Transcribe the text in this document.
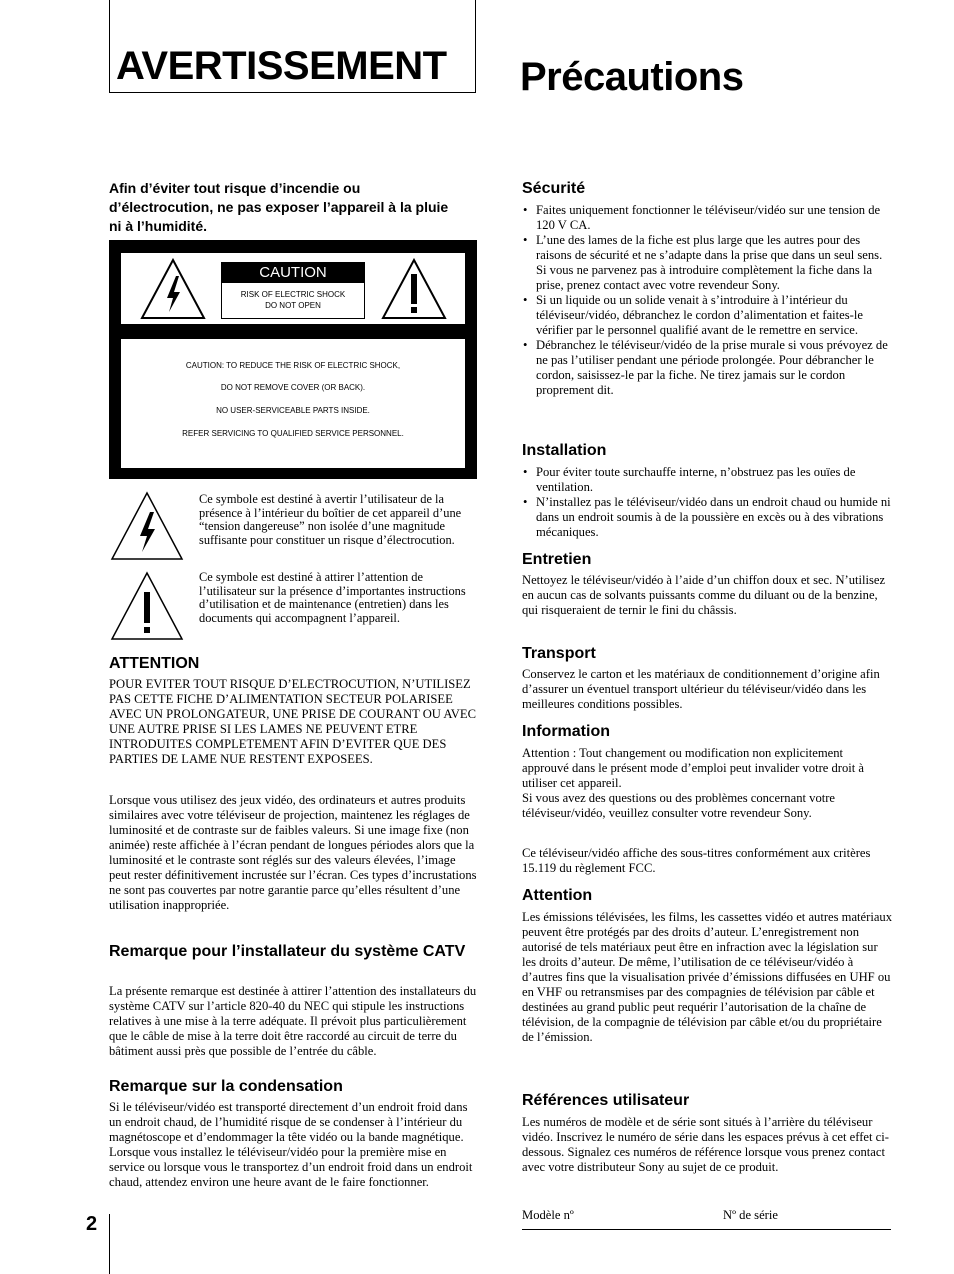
AVERTISSEMENT Précautions
Afin d’éviter tout risque d’incendie ou d’électrocution, ne pas exposer l’appareil à la pluie ni à l’humidité.
CAUTION
RISK OF ELECTRIC SHOCK
DO NOT OPEN
CAUTION: TO REDUCE THE RISK OF ELECTRIC SHOCK,
DO NOT REMOVE COVER (OR BACK).
NO USER-SERVICEABLE PARTS INSIDE.
REFER SERVICING TO QUALIFIED SERVICE PERSONNEL.
Ce symbole est destiné à avertir l’utilisateur de la présence à l’intérieur du boîtier de cet appareil d’une “tension dangereuse” non isolée d’une magnitude suffisante pour constituer un risque d’électrocution.
Ce symbole est destiné à attirer l’attention de l’utilisateur sur la présence d’importantes instructions d’utilisation et de maintenance (entretien) dans les documents qui accompagnent l’appareil.
ATTENTION

POUR EVITER TOUT RISQUE D’ELECTROCUTION, N’UTILISEZ PAS CETTE FICHE D’ALIMENTATION SECTEUR POLARISEE AVEC UN PROLONGATEUR, UNE PRISE DE COURANT OU AVEC UNE AUTRE PRISE SI LES LAMES NE PEUVENT ETRE INTRODUITES COMPLETEMENT AFIN D’EVITER QUE DES PARTIES DE LAME NUE RESTENT EXPOSEES.

Lorsque vous utilisez des jeux vidéo, des ordinateurs et autres produits similaires avec votre téléviseur de projection, maintenez les réglages de luminosité et de contraste sur de faibles valeurs. Si une image fixe (non animée) reste affichée à l’écran pendant de longues périodes alors que la luminosité et le contraste sont réglés sur des valeurs élevées, l’image peut rester définitivement incrustée sur l’écran. Ces types d’incrustations ne sont pas couvertes par notre garantie parce qu’elles résultent d’une utilisation inappropriée.

Remarque pour l’installateur du système CATV

La présente remarque est destinée à attirer l’attention des installateurs du système CATV sur l’article 820-40 du NEC qui stipule les instructions relatives à une mise à la terre adéquate. Il prévoit plus particulièrement que le câble de mise à la terre doit être raccordé au circuit de terre du bâtiment aussi près que possible de l’entrée du câble.

Remarque sur la condensation

Si le téléviseur/vidéo est transporté directement d’un endroit froid dans un endroit chaud, de l’humidité risque de se condenser à l’intérieur du magnétoscope et d’endommager la tête vidéo ou la bande magnétique. Lorsque vous installez le téléviseur/vidéo pour la première mise en service ou lorsque vous le transportez d’un endroit froid dans un endroit chaud, attendez environ une heure avant de le faire fonctionner.

Sécurité
• Faites uniquement fonctionner le téléviseur/vidéo sur une tension de 120 V CA.
• L’une des lames de la fiche est plus large que les autres pour des raisons de sécurité et ne s’adapte dans la prise que dans un seul sens. Si vous ne parvenez pas à introduire complètement la fiche dans la prise, prenez contact avec votre revendeur Sony.
• Si un liquide ou un solide venait à s’introduire à l’intérieur du téléviseur/vidéo, débranchez le cordon d’alimentation et faites-le vérifier par le personnel qualifié avant de le remettre en service.
• Débranchez le téléviseur/vidéo de la prise murale si vous prévoyez de ne pas l’utiliser pendant une période prolongée. Pour débrancher le cordon, saisissez-le par la fiche. Ne tirez jamais sur le cordon proprement dit.
Installation
• Pour éviter toute surchauffe interne, n’obstruez pas les ouïes de ventilation.
• N’installez pas le téléviseur/vidéo dans un endroit chaud ou humide ni dans un endroit soumis à de la poussière en excès ou à des vibrations mécaniques.
Entretien

Nettoyez le téléviseur/vidéo à l’aide d’un chiffon doux et sec. N’utilisez en aucun cas de solvants puissants comme du diluant ou de la benzine, qui risqueraient de ternir le fini du châssis.

Transport

Conservez le carton et les matériaux de conditionnement d’origine afin d’assurer un éventuel transport ultérieur du téléviseur/vidéo dans les meilleures conditions possibles.

Information

Attention : Tout changement ou modification non explicitement approuvé dans le présent mode d’emploi peut invalider votre droit à utiliser cet appareil.

Si vous avez des questions ou des problèmes concernant votre téléviseur/vidéo, veuillez consulter votre revendeur Sony.

Ce téléviseur/vidéo affiche des sous-titres conformément aux critères 15.119 du règlement FCC.

Attention

Les émissions télévisées, les films, les cassettes vidéo et autres matériaux peuvent être protégés par des droits d’auteur. L’enregistrement non autorisé de tels matériaux peut être en infraction avec la législation sur les droits d’auteur. De même, l’utilisation de ce téléviseur/vidéo à d’autres fins que la visualisation privée d’émissions diffusées en UHF ou en VHF ou retransmises par des compagnies de télévision par câble et destinées au grand public peut requérir l’autorisation de la chaîne de télévision, de la compagnie de télévision par câble et/ou du propriétaire de l’émission.

Références utilisateur

Les numéros de modèle et de série sont situés à l’arrière du téléviseur vidéo. Inscrivez le numéro de série dans les espaces prévus à cet effet ci-dessous. Signalez ces numéros de référence lorsque vous prenez contact avec votre distributeur Sony au sujet de ce produit.

Modèle nº	Nº de série
2
